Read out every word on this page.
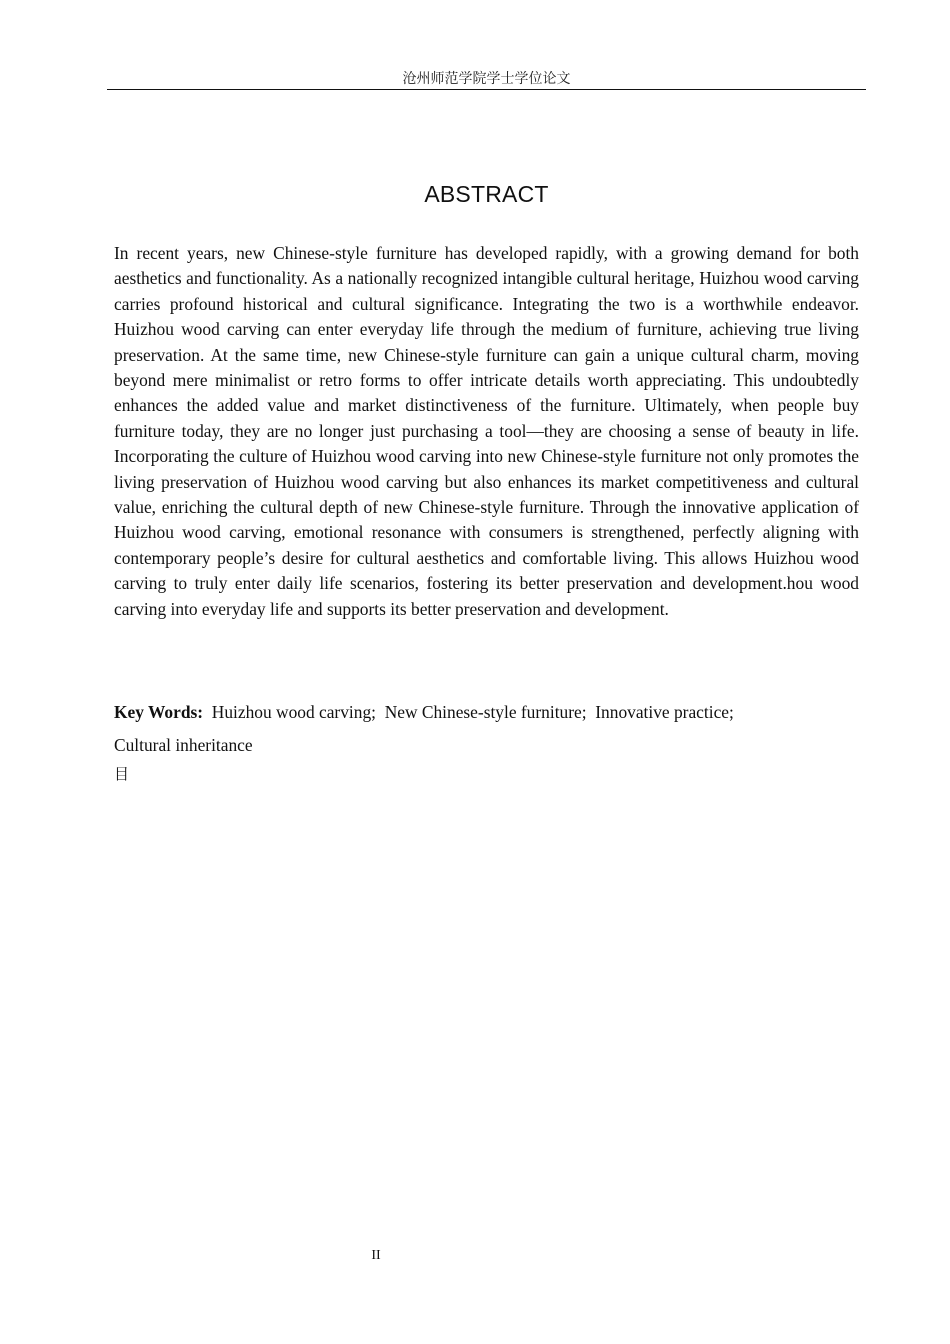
沧州师范学院学士学位论文
ABSTRACT

In recent years, new Chinese-style furniture has developed rapidly, with a growing demand for both aesthetics and functionality. As a nationally recognized intangible cultural heritage, Huizhou wood carving carries profound historical and cultural significance. Integrating the two is a worthwhile endeavor. Huizhou wood carving can enter everyday life through the medium of furniture, achieving true living preservation. At the same time, new Chinese-style furniture can gain a unique cultural charm, moving beyond mere minimalist or retro forms to offer intricate details worth appreciating. This undoubtedly enhances the added value and market distinctiveness of the furniture. Ultimately, when people buy furniture today, they are no longer just purchasing a tool—they are choosing a sense of beauty in life. Incorporating the culture of Huizhou wood carving into new Chinese-style furniture not only promotes the living preservation of Huizhou wood carving but also enhances its market competitiveness and cultural value, enriching the cultural depth of new Chinese-style furniture. Through the innovative application of Huizhou wood carving, emotional resonance with consumers is strengthened, perfectly aligning with contemporary people’s desire for cultural aesthetics and comfortable living. This allows Huizhou wood carving to truly enter daily life scenarios, fostering its better preservation and development.hou wood carving into everyday life and supports its better preservation and development.

Key Words: Huizhou wood carving; New Chinese-style furniture; Innovative practice;

Cultural inheritance

目

II
